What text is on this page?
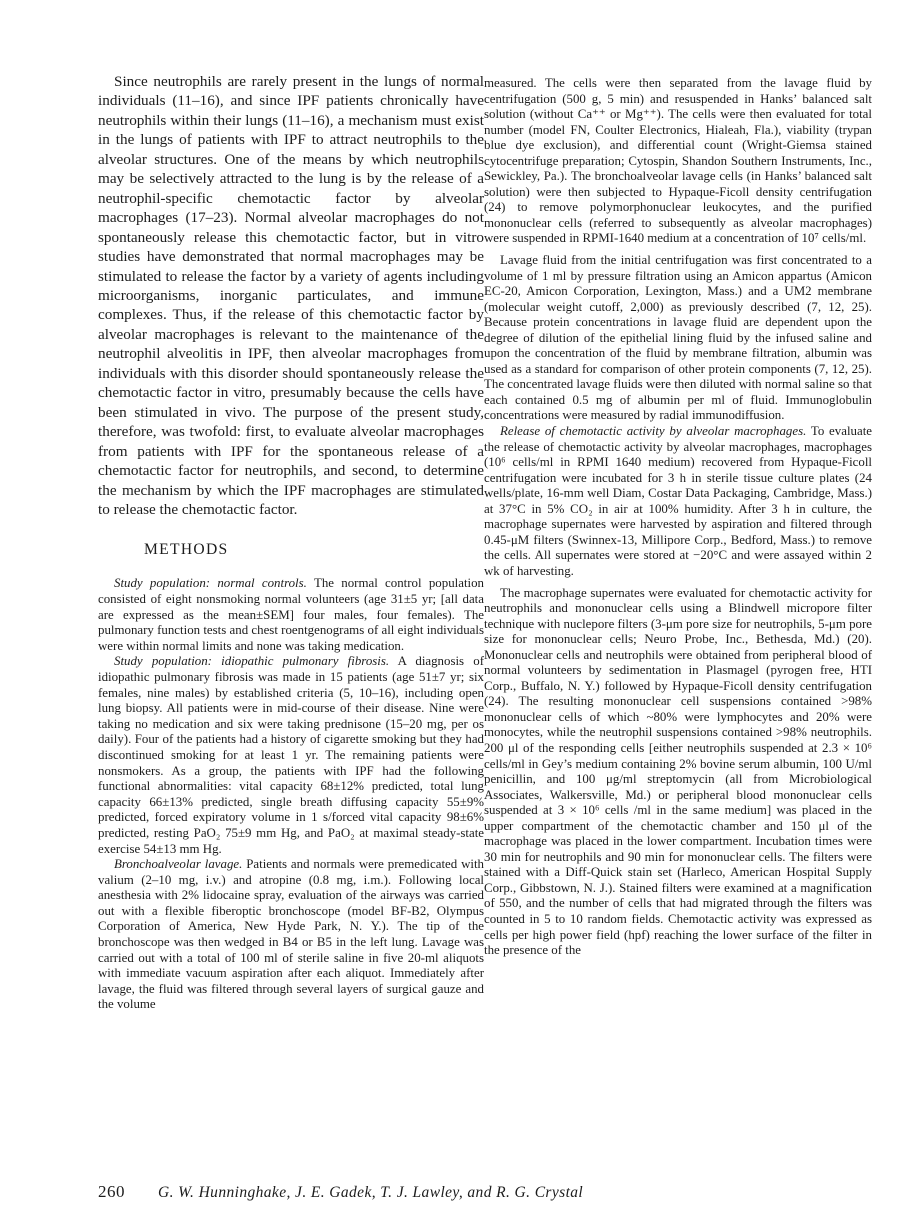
Since neutrophils are rarely present in the lungs of normal individuals (11–16), and since IPF patients chronically have neutrophils within their lungs (11–16), a mechanism must exist in the lungs of patients with IPF to attract neutrophils to the alveolar structures. One of the means by which neutrophils may be selectively attracted to the lung is by the release of a neutrophil-specific chemotactic factor by alveolar macrophages (17–23). Normal alveolar macrophages do not spontaneously release this chemotactic factor, but in vitro studies have demonstrated that normal macrophages may be stimulated to release the factor by a variety of agents including microorganisms, inorganic particulates, and immune complexes. Thus, if the release of this chemotactic factor by alveolar macrophages is relevant to the maintenance of the neutrophil alveolitis in IPF, then alveolar macrophages from individuals with this disorder should spontaneously release the chemotactic factor in vitro, presumably because the cells have been stimulated in vivo. The purpose of the present study, therefore, was twofold: first, to evaluate alveolar macrophages from patients with IPF for the spontaneous release of a chemotactic factor for neutrophils, and second, to determine the mechanism by which the IPF macrophages are stimulated to release the chemotactic factor.

METHODS

Study population: normal controls. The normal control population consisted of eight nonsmoking normal volunteers (age 31±5 yr; [all data are expressed as the mean±SEM] four males, four females). The pulmonary function tests and chest roentgenograms of all eight individuals were within normal limits and none was taking medication.

Study population: idiopathic pulmonary fibrosis. A diagnosis of idiopathic pulmonary fibrosis was made in 15 patients (age 51±7 yr; six females, nine males) by established criteria (5, 10–16), including open lung biopsy. All patients were in mid-course of their disease. Nine were taking no medication and six were taking prednisone (15–20 mg, per os daily). Four of the patients had a history of cigarette smoking but they had discontinued smoking for at least 1 yr. The remaining patients were nonsmokers. As a group, the patients with IPF had the following functional abnormalities: vital capacity 68±12% predicted, total lung capacity 66±13% predicted, single breath diffusing capacity 55±9% predicted, forced expiratory volume in 1 s/forced vital capacity 98±6% predicted, resting PaO₂ 75±9 mm Hg, and PaO₂ at maximal steady-state exercise 54±13 mm Hg.

Bronchoalveolar lavage. Patients and normals were premedicated with valium (2–10 mg, i.v.) and atropine (0.8 mg, i.m.). Following local anesthesia with 2% lidocaine spray, evaluation of the airways was carried out with a flexible fiberoptic bronchoscope (model BF-B2, Olympus Corporation of America, New Hyde Park, N. Y.). The tip of the bronchoscope was then wedged in B4 or B5 in the left lung. Lavage was carried out with a total of 100 ml of sterile saline in five 20-ml aliquots with immediate vacuum aspiration after each aliquot. Immediately after lavage, the fluid was filtered through several layers of surgical gauze and the volume

measured. The cells were then separated from the lavage fluid by centrifugation (500 g, 5 min) and resuspended in Hanks’ balanced salt solution (without Ca⁺⁺ or Mg⁺⁺). The cells were then evaluated for total number (model FN, Coulter Electronics, Hialeah, Fla.), viability (trypan blue dye exclusion), and differential count (Wright-Giemsa stained cytocentrifuge preparation; Cytospin, Shandon Southern Instruments, Inc., Sewickley, Pa.). The bronchoalveolar lavage cells (in Hanks’ balanced salt solution) were then subjected to Hypaque-Ficoll density centrifugation (24) to remove polymorphonuclear leukocytes, and the purified mononuclear cells (referred to subsequently as alveolar macrophages) were suspended in RPMI-1640 medium at a concentration of 10⁷ cells/ml.

Lavage fluid from the initial centrifugation was first concentrated to a volume of 1 ml by pressure filtration using an Amicon appartus (Amicon EC-20, Amicon Corporation, Lexington, Mass.) and a UM2 membrane (molecular weight cutoff, 2,000) as previously described (7, 12, 25). Because protein concentrations in lavage fluid are dependent upon the degree of dilution of the epithelial lining fluid by the infused saline and upon the concentration of the fluid by membrane filtration, albumin was used as a standard for comparison of other protein components (7, 12, 25). The concentrated lavage fluids were then diluted with normal saline so that each contained 0.5 mg of albumin per ml of fluid. Immunoglobulin concentrations were measured by radial immunodiffusion.

Release of chemotactic activity by alveolar macrophages. To evaluate the release of chemotactic activity by alveolar macrophages, macrophages (10⁶ cells/ml in RPMI 1640 medium) recovered from Hypaque-Ficoll centrifugation were incubated for 3 h in sterile tissue culture plates (24 wells/plate, 16-mm well Diam, Costar Data Packaging, Cambridge, Mass.) at 37°C in 5% CO₂ in air at 100% humidity. After 3 h in culture, the macrophage supernates were harvested by aspiration and filtered through 0.45-μM filters (Swinnex-13, Millipore Corp., Bedford, Mass.) to remove the cells. All supernates were stored at −20°C and were assayed within 2 wk of harvesting.

The macrophage supernates were evaluated for chemotactic activity for neutrophils and mononuclear cells using a Blindwell micropore filter technique with nuclepore filters (3-μm pore size for neutrophils, 5-μm pore size for mononuclear cells; Neuro Probe, Inc., Bethesda, Md.) (20). Mononuclear cells and neutrophils were obtained from peripheral blood of normal volunteers by sedimentation in Plasmagel (pyrogen free, HTI Corp., Buffalo, N. Y.) followed by Hypaque-Ficoll density centrifugation (24). The resulting mononuclear cell suspensions contained >98% mononuclear cells of which ~80% were lymphocytes and 20% were monocytes, while the neutrophil suspensions contained >98% neutrophils. 200 μl of the responding cells [either neutrophils suspended at 2.3 × 10⁶ cells/ml in Gey’s medium containing 2% bovine serum albumin, 100 U/ml penicillin, and 100 μg/ml streptomycin (all from Microbiological Associates, Walkersville, Md.) or peripheral blood mononuclear cells suspended at 3 × 10⁶ cells /ml in the same medium] was placed in the upper compartment of the chemotactic chamber and 150 μl of the macrophage was placed in the lower compartment. Incubation times were 30 min for neutrophils and 90 min for mononuclear cells. The filters were stained with a Diff-Quick stain set (Harleco, American Hospital Supply Corp., Gibbstown, N. J.). Stained filters were examined at a magnification of 550, and the number of cells that had migrated through the filters was counted in 5 to 10 random fields. Chemotactic activity was expressed as cells per high power field (hpf) reaching the lower surface of the filter in the presence of the

260 G. W. Hunninghake, J. E. Gadek, T. J. Lawley, and R. G. Crystal
